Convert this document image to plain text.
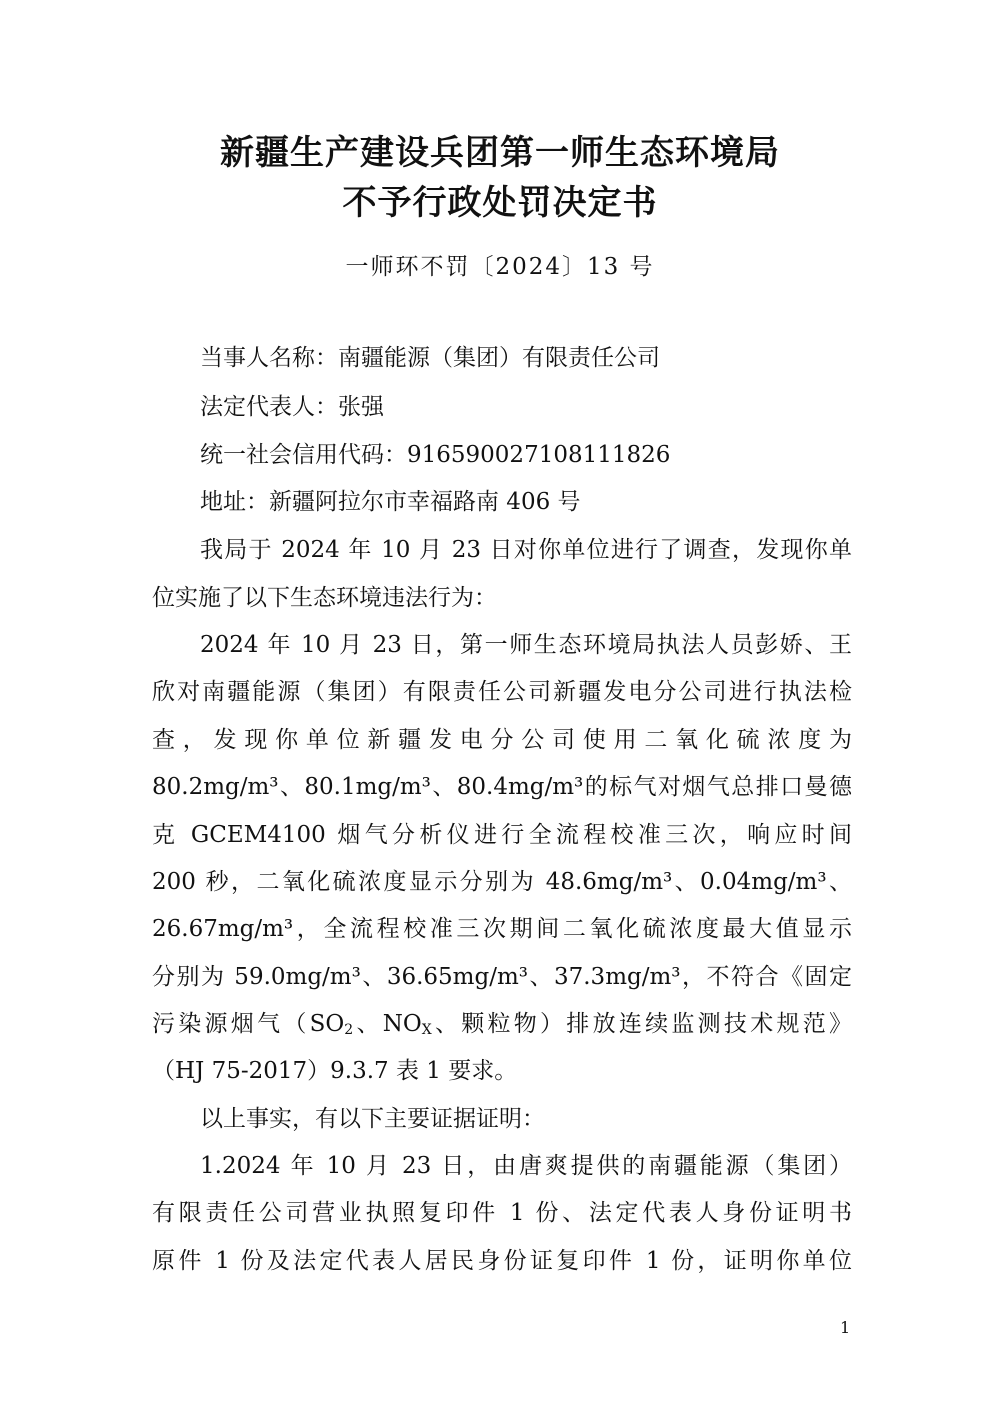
新疆生产建设兵团第一师生态环境局
不予行政处罚决定书
一师环不罚〔2024〕13 号
当事人名称：南疆能源（集团）有限责任公司
法定代表人：张强
统一社会信用代码：91659002710811182​6
地址：新疆阿拉尔市幸福路南 406 号
我局于 2024 年 10 月 23 日对你单位进行了调查，发现你单
位实施了以下生态环境违法行为：
2024 年 10 月 23 日，第一师生态环境局执法人员彭娇、王
欣对南疆能源（集团）有限责任公司新疆发电分公司进行执法检
查，发现你单位新疆发电分公司使用二氧化硫浓度为
80.2mg/m³、80.1mg/m³、80.4mg/m³的标气对烟气总排口曼德
克 GCEM4100 烟气分析仪进行全流程校准三次，响应时间
200 秒，二氧化硫浓度显示分别为 48.6mg/m³、0.04mg/m³、
26.67mg/m³，全流程校准三次期间二氧化硫浓度最大值显示
分别为 59.0mg/m³、36.65mg/m³、37.3mg/m³，不符合《固定
污染源烟气（$SO_2$、$NO_X$、颗粒物）排放连续监测技术规范》
（HJ 75-2017）9.3.7 表 1 要求。
以上事实，有以下主要证据证明：
1.2024 年 10 月 23 日，由唐爽提供的南疆能源（集团）
有限责任公司营业执照复印件 1 份、法定代表人身份证明书
原件 1 份及法定代表人居民身份证复印件 1 份，证明你单位
1
